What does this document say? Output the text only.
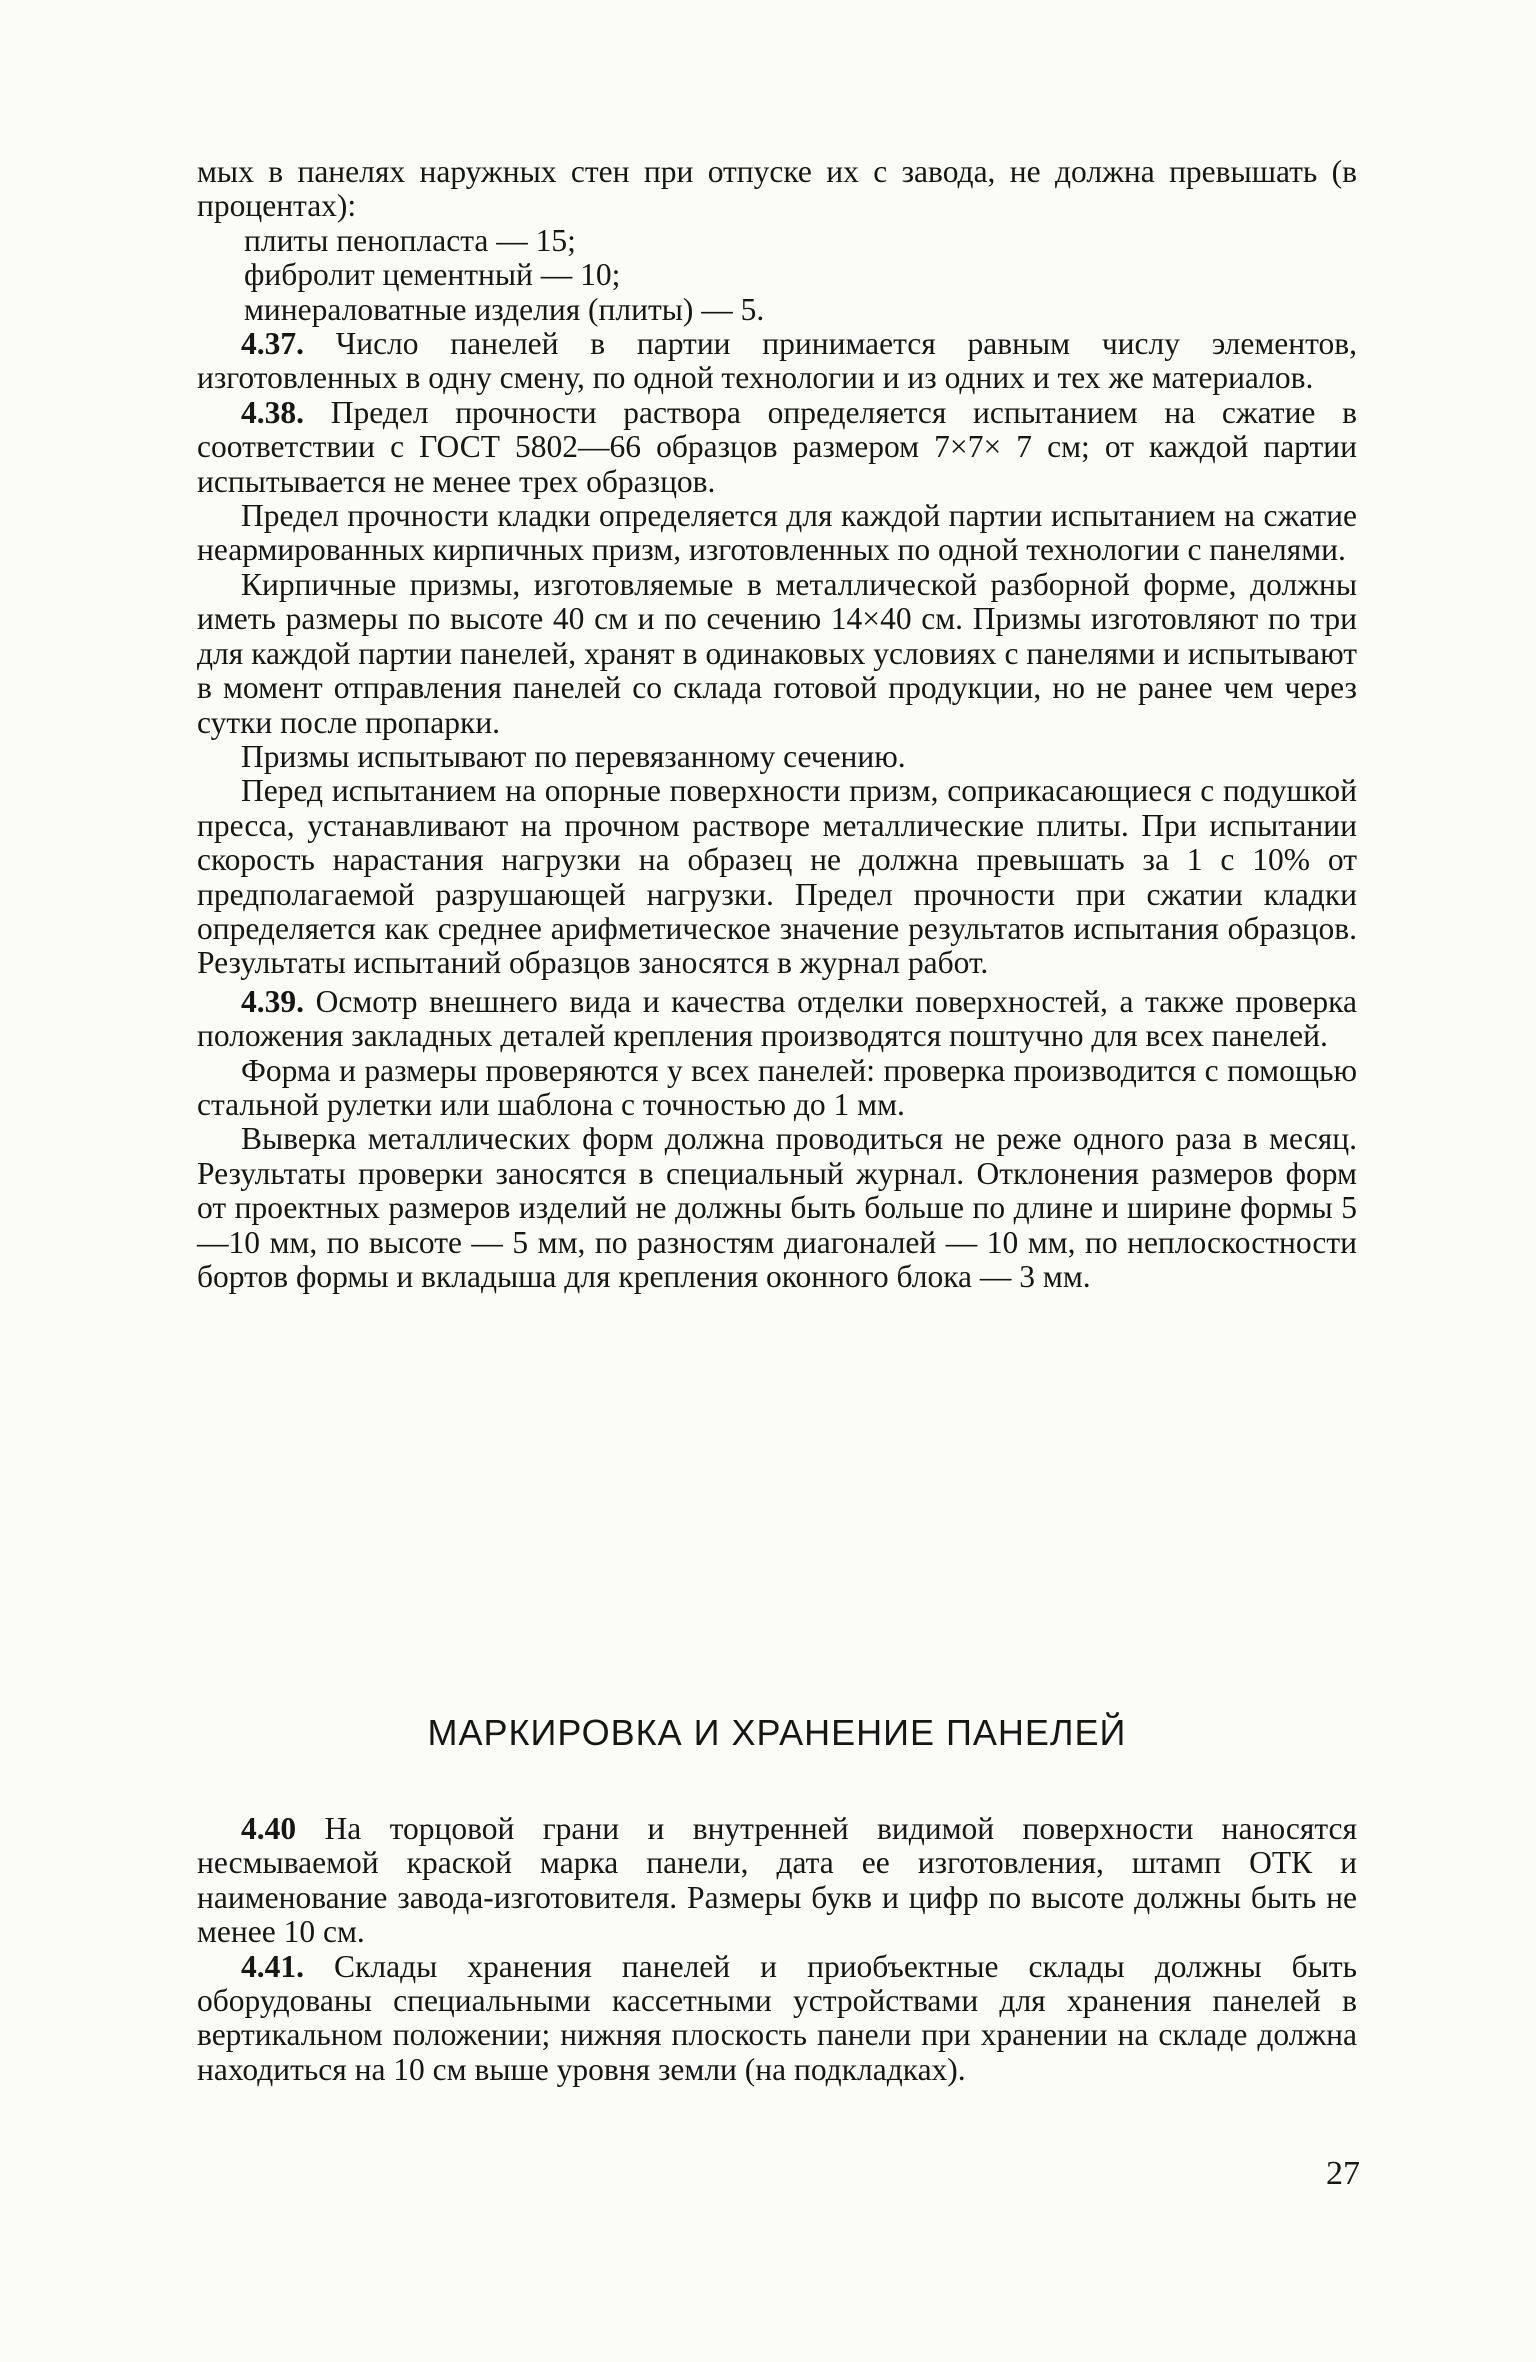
мых в панелях наружных стен при отпуске их с завода, не должна превышать (в процентах):

плиты пенопласта — 15;

фибролит цементный — 10;

минераловатные изделия (плиты) — 5.

4.37. Число панелей в партии принимается равным числу элементов, изготовленных в одну смену, по одной технологии и из одних и тех же материалов.

4.38. Предел прочности раствора определяется испытанием на сжатие в соответствии с ГОСТ 5802—66 образцов размером 7×7× 7 см; от каждой партии испытывается не менее трех образцов.

Предел прочности кладки определяется для каждой партии испытанием на сжатие неармированных кирпичных призм, изготовленных по одной технологии с панелями.

Кирпичные призмы, изготовляемые в металлической разборной форме, должны иметь размеры по высоте 40 см и по сечению 14×40 см. Призмы изготовляют по три для каждой партии панелей, хранят в одинаковых условиях с панелями и испытывают в момент отправления панелей со склада готовой продукции, но не ранее чем через сутки после пропарки.

Призмы испытывают по перевязанному сечению.

Перед испытанием на опорные поверхности призм, соприкасающиеся с подушкой пресса, устанавливают на прочном растворе металлические плиты. При испытании скорость нарастания нагрузки на образец не должна превышать за 1 с 10% от предполагаемой разрушающей нагрузки. Предел прочности при сжатии кладки определяется как среднее арифметическое значение результатов испытания образцов. Результаты испытаний образцов заносятся в журнал работ.

4.39. Осмотр внешнего вида и качества отделки поверхностей, а также проверка положения закладных деталей крепления производятся поштучно для всех панелей.

Форма и размеры проверяются у всех панелей: проверка производится с помощью стальной рулетки или шаблона с точностью до 1 мм.

Выверка металлических форм должна проводиться не реже одного раза в месяц. Результаты проверки заносятся в специальный журнал. Отклонения размеров форм от проектных размеров изделий не должны быть больше по длине и ширине формы 5—10 мм, по высоте — 5 мм, по разностям диагоналей — 10 мм, по неплоскостности бортов формы и вкладыша для крепления оконного блока — 3 мм.

МАРКИРОВКА И ХРАНЕНИЕ ПАНЕЛЕЙ

4.40 На торцовой грани и внутренней видимой поверхности наносятся несмываемой краской марка панели, дата ее изготовления, штамп ОТК и наименование завода-изготовителя. Размеры букв и цифр по высоте должны быть не менее 10 см.

4.41. Склады хранения панелей и приобъектные склады должны быть оборудованы специальными кассетными устройствами для хранения панелей в вертикальном положении; нижняя плоскость панели при хранении на складе должна находиться на 10 см выше уровня земли (на подкладках).

27
